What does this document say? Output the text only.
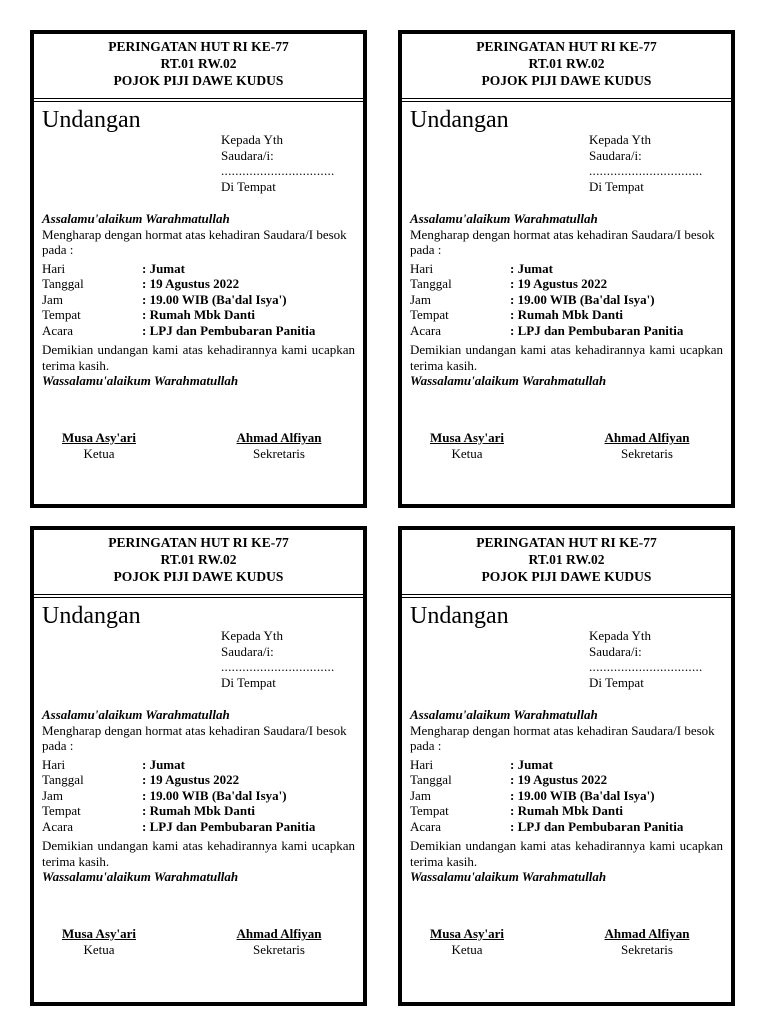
PERINGATAN HUT RI KE-77
RT.01 RW.02
POJOK PIJI DAWE KUDUS
Undangan
Kepada Yth
Saudara/i:
................................
Di Tempat
Assalamu'alaikum Warahmatullah
Mengharap dengan hormat atas kehadiran Saudara/I besok pada :
Hari	: Jumat
Tanggal	: 19 Agustus 2022
Jam	: 19.00 WIB (Ba'dal Isya')
Tempat	: Rumah Mbk Danti
Acara	: LPJ dan Pembubaran Panitia
Demikian undangan kami atas kehadirannya kami ucapkan terima kasih.
Wassalamu'alaikum Warahmatullah
Musa Asy'ari
Ketua
Ahmad Alfiyan
Sekretaris
PERINGATAN HUT RI KE-77
RT.01 RW.02
POJOK PIJI DAWE KUDUS
Undangan
Kepada Yth
Saudara/i:
................................
Di Tempat
Assalamu'alaikum Warahmatullah
Mengharap dengan hormat atas kehadiran Saudara/I besok pada :
Hari	: Jumat
Tanggal	: 19 Agustus 2022
Jam	: 19.00 WIB (Ba'dal Isya')
Tempat	: Rumah Mbk Danti
Acara	: LPJ dan Pembubaran Panitia
Demikian undangan kami atas kehadirannya kami ucapkan terima kasih.
Wassalamu'alaikum Warahmatullah
Musa Asy'ari
Ketua
Ahmad Alfiyan
Sekretaris
PERINGATAN HUT RI KE-77
RT.01 RW.02
POJOK PIJI DAWE KUDUS
Undangan
Kepada Yth
Saudara/i:
................................
Di Tempat
Assalamu'alaikum Warahmatullah
Mengharap dengan hormat atas kehadiran Saudara/I besok pada :
Hari	: Jumat
Tanggal	: 19 Agustus 2022
Jam	: 19.00 WIB (Ba'dal Isya')
Tempat	: Rumah Mbk Danti
Acara	: LPJ dan Pembubaran Panitia
Demikian undangan kami atas kehadirannya kami ucapkan terima kasih.
Wassalamu'alaikum Warahmatullah
Musa Asy'ari
Ketua
Ahmad Alfiyan
Sekretaris
PERINGATAN HUT RI KE-77
RT.01 RW.02
POJOK PIJI DAWE KUDUS
Undangan
Kepada Yth
Saudara/i:
................................
Di Tempat
Assalamu'alaikum Warahmatullah
Mengharap dengan hormat atas kehadiran Saudara/I besok pada :
Hari	: Jumat
Tanggal	: 19 Agustus 2022
Jam	: 19.00 WIB (Ba'dal Isya')
Tempat	: Rumah Mbk Danti
Acara	: LPJ dan Pembubaran Panitia
Demikian undangan kami atas kehadirannya kami ucapkan terima kasih.
Wassalamu'alaikum Warahmatullah
Musa Asy'ari
Ketua
Ahmad Alfiyan
Sekretaris
